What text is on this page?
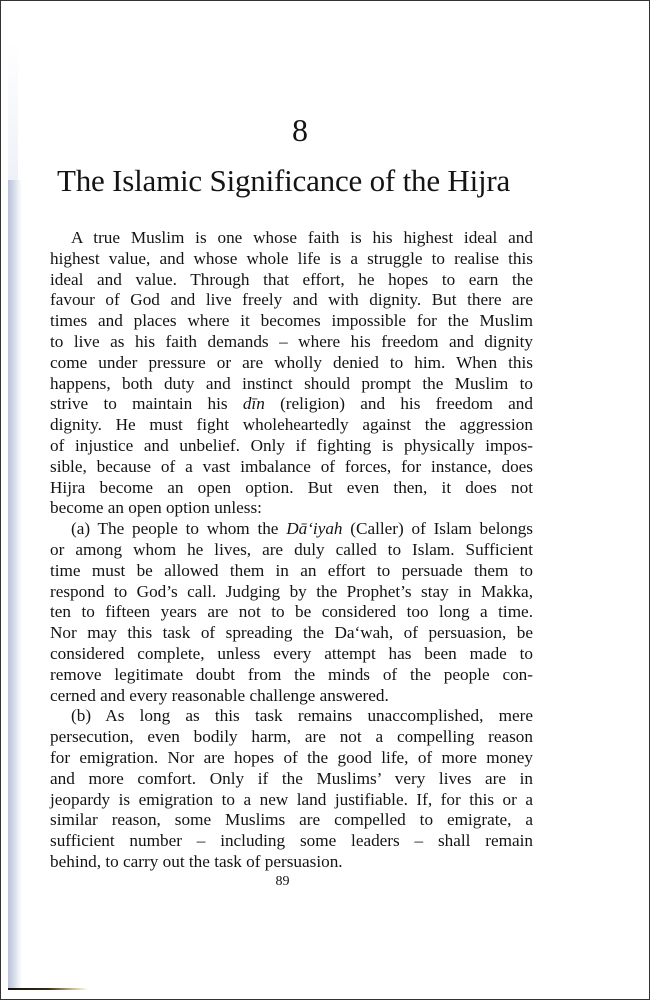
8
The Islamic Significance of the Hijra
A true Muslim is one whose faith is his highest ideal and
highest value, and whose whole life is a struggle to realise this
ideal and value. Through that effort, he hopes to earn the
favour of God and live freely and with dignity. But there are
times and places where it becomes impossible for the Muslim
to live as his faith demands – where his freedom and dignity
come under pressure or are wholly denied to him. When this
happens, both duty and instinct should prompt the Muslim to
strive to maintain his dīn (religion) and his freedom and
dignity. He must fight wholeheartedly against the aggression
of injustice and unbelief. Only if fighting is physically impos-
sible, because of a vast imbalance of forces, for instance, does
Hijra become an open option. But even then, it does not
become an open option unless:
(a) The people to whom the Dā‘iyah (Caller) of Islam belongs
or among whom he lives, are duly called to Islam. Sufficient
time must be allowed them in an effort to persuade them to
respond to God’s call. Judging by the Prophet’s stay in Makka,
ten to fifteen years are not to be considered too long a time.
Nor may this task of spreading the Da‘wah, of persuasion, be
considered complete, unless every attempt has been made to
remove legitimate doubt from the minds of the people con-
cerned and every reasonable challenge answered.
(b) As long as this task remains unaccomplished, mere
persecution, even bodily harm, are not a compelling reason
for emigration. Nor are hopes of the good life, of more money
and more comfort. Only if the Muslims’ very lives are in
jeopardy is emigration to a new land justifiable. If, for this or a
similar reason, some Muslims are compelled to emigrate, a
sufficient number – including some leaders – shall remain
behind, to carry out the task of persuasion.
89
